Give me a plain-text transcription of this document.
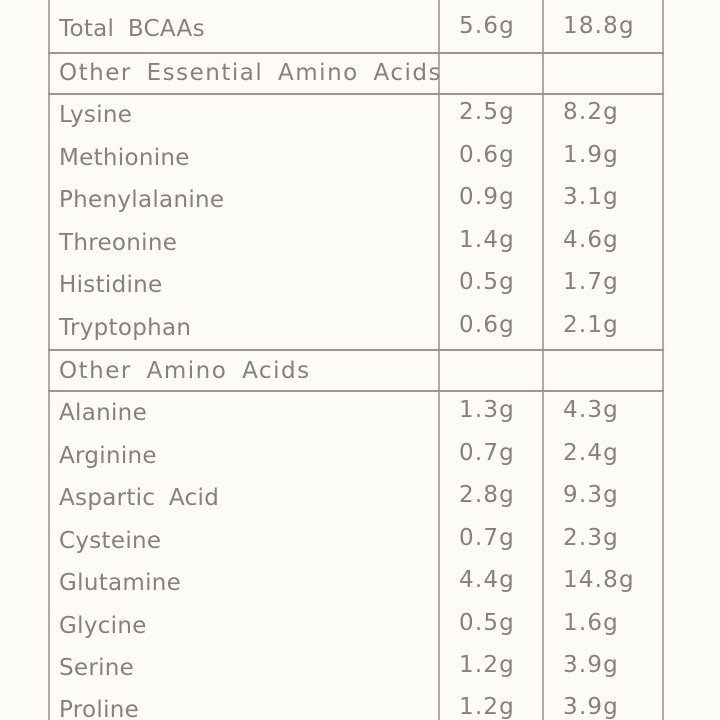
Total BCAAs	5.6g 18.8g
Other Essential Amino Acids
Lysine	2.5g 8.2g
Methionine	0.6g 1.9g
Phenylalanine	0.9g 3.1g
Threonine	1.4g 4.6g
Histidine	0.5g 1.7g
Tryptophan	0.6g 2.1g
Other Amino Acids
Alanine	1.3g 4.3g
Arginine	0.7g 2.4g
Aspartic Acid	2.8g 9.3g
Cysteine	0.7g 2.3g
Glutamine	4.4g 14.8g
Glycine	0.5g 1.6g
Serine	1.2g 3.9g
Proline	1.2g 3.9g
